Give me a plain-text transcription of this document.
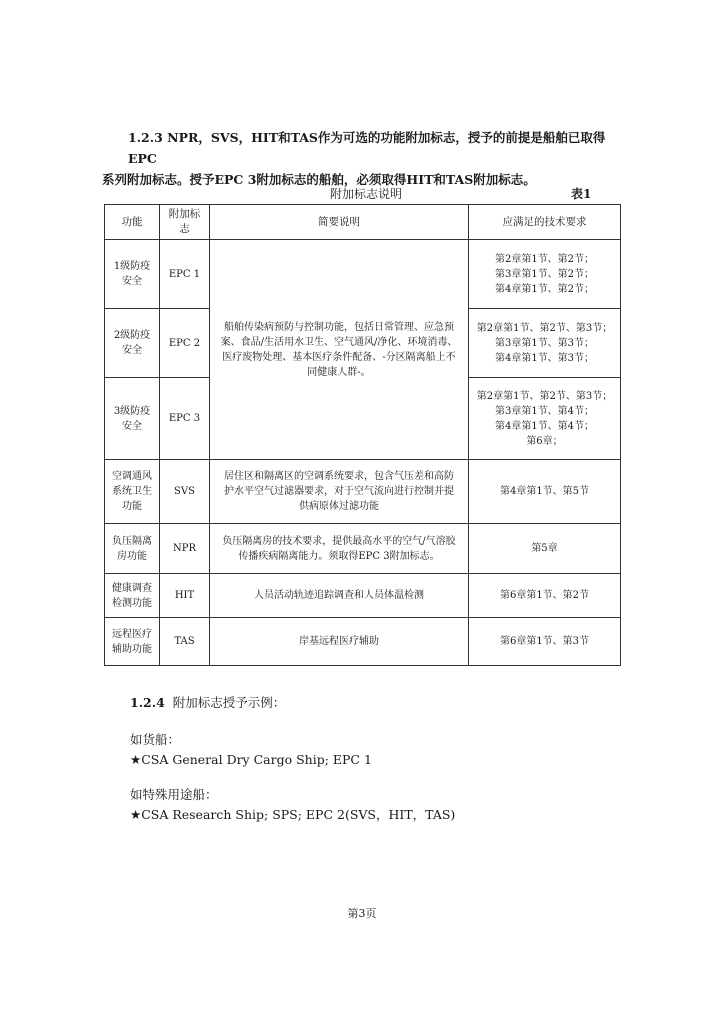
1.2.3 NPR，SVS，HIT和TAS作为可选的功能附加标志，授予的前提是船舶已取得EPC
系列附加标志。授予EPC 3附加标志的船舶，必须取得HIT和TAS附加标志。
附加标志说明	表1
功能	附加标志	简要说明	应满足的技术要求
1级防疫安全	EPC 1	船舶传染病预防与控制功能，包括日常管理、应急预案、食品/生活用水卫生、空气通风/净化、环境消毒、医疗废物处理、基本医疗条件配备、-分区隔离船上不同健康人群-。	第2章第1节、第2节；
第3章第1节、第2节；
第4章第1节、第2节；

2级防疫安全	EPC 2		第2章第1节、第2节、第3节；
第3章第1节、第3节；
第4章第1节、第3节；

3级防疫安全	EPC 3		第2章第1节、第2节、第3节；
第3章第1节、第4节；
第4章第1节、第4节；
第6章；

空调通风系统卫生功能	SVS	居住区和隔离区的空调系统要求，包含气压差和高防护水平空气过滤器要求，对于空气流向进行控制并提供病原体过滤功能	第4章第1节、第5节
负压隔离房功能	NPR	负压隔离房的技术要求，提供最高水平的空气/气溶胶传播疾病隔离能力。须取得EPC 3附加标志。	第5章
健康调查检测功能	HIT	人员活动轨迹追踪调查和人员体温检测	第6章第1节、第2节
远程医疗辅助功能	TAS	岸基远程医疗辅助	第6章第1节、第3节
1.2.4 附加标志授予示例：
如货船：
★CSA General Dry Cargo Ship; EPC 1
如特殊用途船：
★CSA Research Ship; SPS; EPC 2(SVS，HIT，TAS)
第3页
